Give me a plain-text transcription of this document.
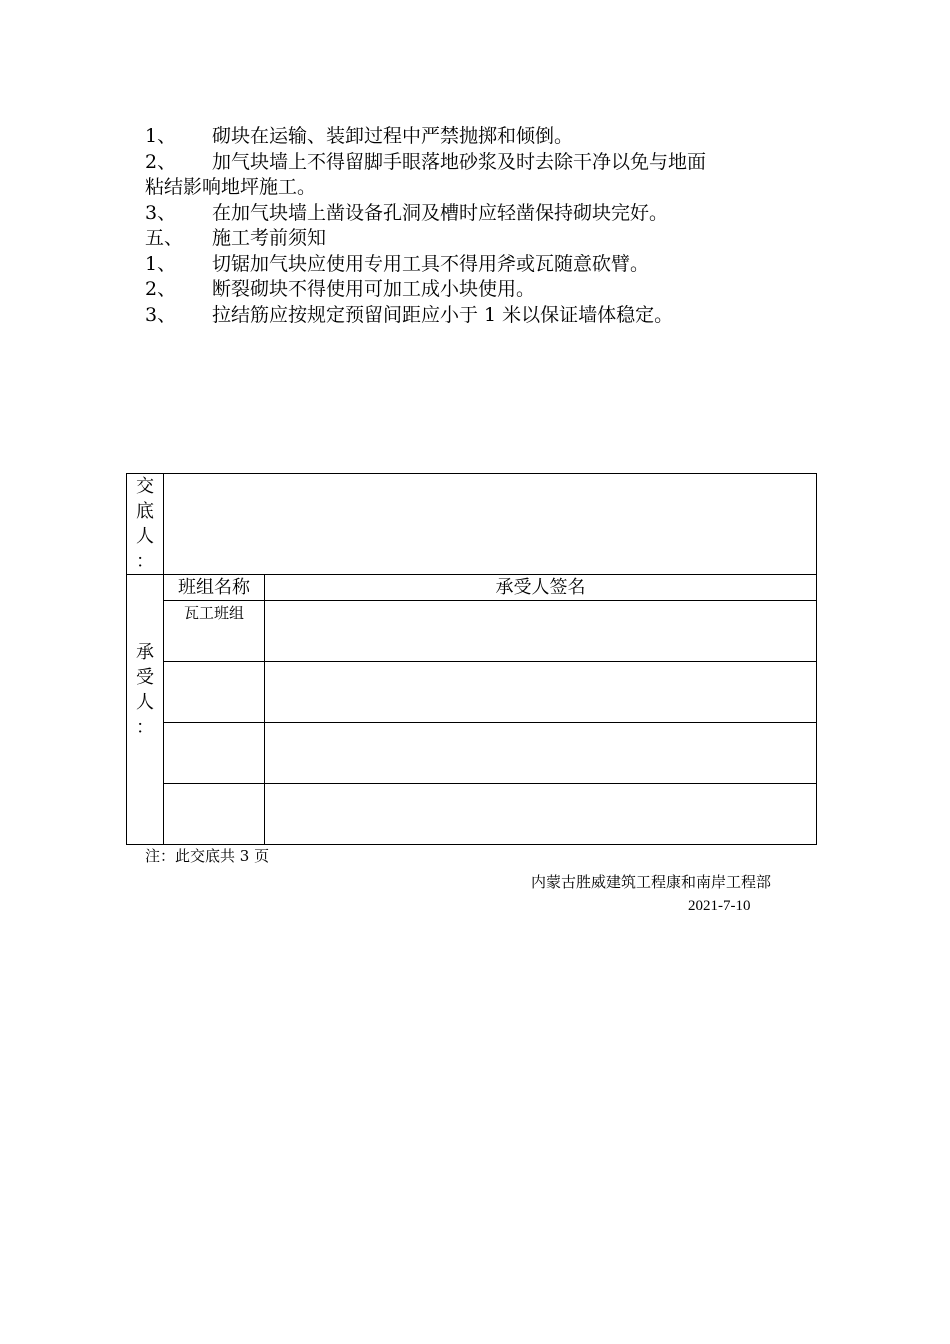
1、	砌块在运输、装卸过程中严禁抛掷和倾倒。
2、	加气块墙上不得留脚手眼落地砂浆及时去除干净以免与地面
粘结影响地坪施工。
3、	在加气块墙上凿设备孔洞及槽时应轻凿保持砌块完好。
五、	施工考前须知
1、	切锯加气块应使用专用工具不得用斧或瓦随意砍臂。
2、	断裂砌块不得使用可加工成小块使用。
3、	拉结筋应按规定预留间距应小于 1 米以保证墙体稳定。
交
底
人
：		

承
受
人
：	班组名称	承受人签名
	瓦工班组	

注：此交底共 3 页
内蒙古胜威建筑工程康和南岸工程部
2021-7-10
